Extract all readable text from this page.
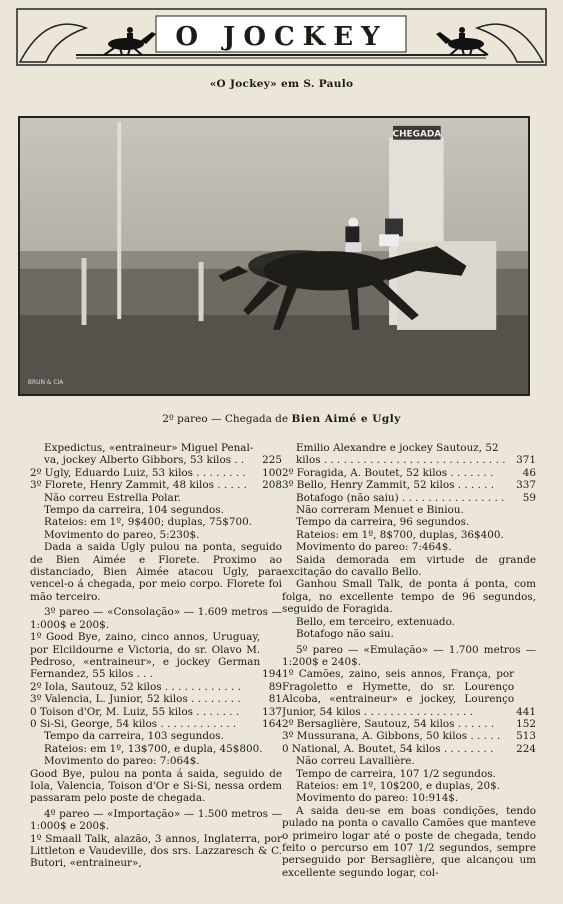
O JOCKEY
«O Jockey» em S. Paulo
CHEGADA
BRUN & CIA
2º pareo — Chegada de Bien Aimé e Ugly
Expedictus, «entraineur» Miguel Penal-
va, jockey Alberto Gibbors, 53 kilos . .	225
2º Ugly, Eduardo Luiz, 53 kilos . . . . . . . .	100
3º Florete, Henry Zammit, 48 kilos . . . . .	208
Não correu Estrella Polar.
Tempo da carreira, 104 segundos.
Rateios: em 1º, 9$400; duplas, 75$700.
Movimento do pareo, 5:230$.

Dada a saida Ugly pulou na ponta, seguido de Bien Aimée e Florete. Proximo ao distanciado, Bien Aimée atacou Ugly, para vencel-o á chegada, por meio corpo. Florete foi mão terceiro.

3º pareo — «Consolação» — 1.609 metros — 1:000$ e 200$.

1º Good Bye, zaino, cinco annos, Uruguay, por Elcildourne e Victoria, do sr. Olavo M. Pedroso, «entraineur», e jockey German Fernandez, 55 kilos . . .	194
2º Iola, Sautouz, 52 kilos . . . . . . . . . . . .	89
3º Valencia, L. Junior, 52 kilos . . . . . . . .	81
0 Toison d'Or, M. Luiz, 55 kilos . . . . . . .	137
0 Si-Si, George, 54 kilos . . . . . . . . . . . .	164
Tempo da carreira, 103 segundos.
Rateios: em 1º, 13$700, e dupla, 45$800.
Movimento do pareo: 7:064$.

Good Bye, pulou na ponta á saida, seguido de Iola, Valencia, Toison d'Or e Si-Si, nessa ordem passaram pelo poste de chegada.

4º pareo — «Importação» — 1.500 metros — 1:000$ e 200$.

1º Smaall Talk, alazão, 3 annos, Inglaterra, por Littleton e Vaudeville, dos srs. Lazzaresch & C. Butori, «entraineur»,

Emilio Alexandre e jockey Sautouz, 52
kilos . . . . . . . . . . . . . . . . . . . . . . . . . . . .	371
2º Foragida, A. Boutet, 52 kilos . . . . . . .	46
3º Bello, Henry Zammit, 52 kilos . . . . . .	337
Botafogo (não saiu) . . . . . . . . . . . . . . . .	59
Não correram Menuet e Biniou.
Tempo da carreira, 96 segundos.
Rateios: em 1º, 8$700, duplas, 36$400.
Movimento do pareo: 7:464$.

Saida demorada em virtude de grande excitação do cavallo Bello.

Ganhou Small Talk, de ponta á ponta, com folga, no excellente tempo de 96 segundos, seguido de Foragida.

Bello, em terceiro, extenuado.
Botafogo não saiu.

5º pareo — «Emulação» — 1.700 metros — 1:200$ e 240$.

1º Camões, zaino, seis annos, França, por Fragoletto e Hymette, do sr. Lourenço Alcoba, «entraineur» e jockey, Lourenço Junior, 54 kilos . . . . . . . . . . . . . . . . .	441
2º Bersaglière, Sautouz, 54 kilos . . . . . .	152
3º Mussurana, A. Gibbons, 50 kilos . . . . .	513
0 National, A. Boutet, 54 kilos . . . . . . . .	224
Não correu Lavallière.
Tempo de carreira, 107 1/2 segundos.
Rateios: em 1º, 10$200, e duplas, 20$.
Movimento do pareo: 10:914$.

A saida deu-se em boas condições, tendo pulado na ponta o cavallo Camões que manteve o primeiro logar até o poste de chegada, tendo feito o percurso em 107 1/2 segundos, sempre perseguido por Bersaglière, que alcançou um excellente segundo logar, col-
